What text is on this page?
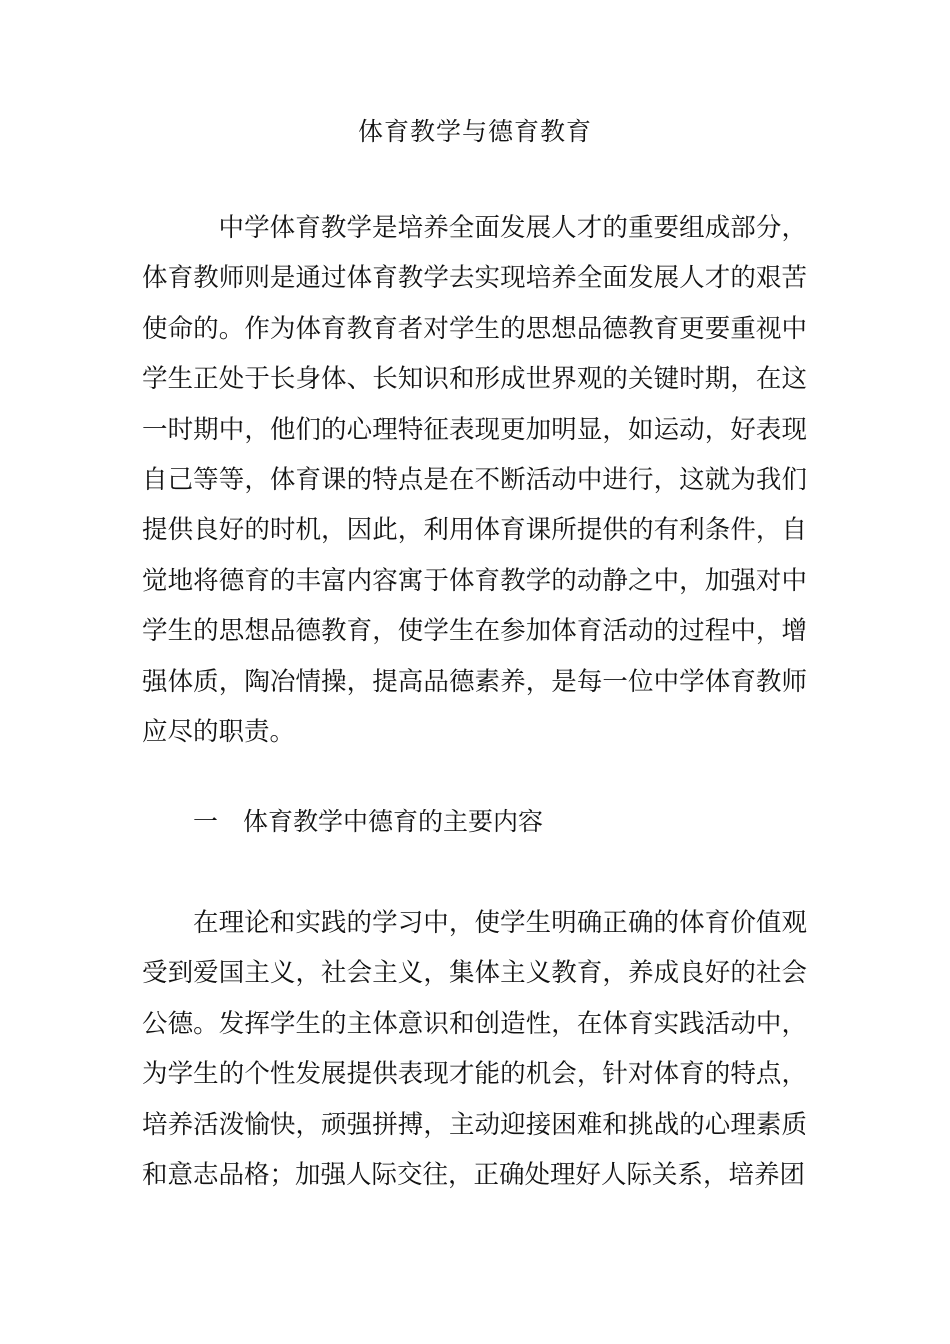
体育教学与德育教育

中学体育教学是培养全面发展人才的重要组成部分，体育教师则是通过体育教学去实现培养全面发展人才的艰苦使命的。作为体育教育者对学生的思想品德教育更要重视中学生正处于长身体、长知识和形成世界观的关键时期，在这一时期中，他们的心理特征表现更加明显，如运动，好表现自己等等，体育课的特点是在不断活动中进行，这就为我们提供良好的时机，因此，利用体育课所提供的有利条件，自觉地将德育的丰富内容寓于体育教学的动静之中，加强对中学生的思想品德教育，使学生在参加体育活动的过程中，增强体质，陶冶情操，提高品德素养，是每一位中学体育教师应尽的职责。

一 体育教学中德育的主要内容

在理论和实践的学习中，使学生明确正确的体育价值观受到爱国主义，社会主义，集体主义教育，养成良好的社会公德。发挥学生的主体意识和创造性，在体育实践活动中，为学生的个性发展提供表现才能的机会，针对体育的特点，培养活泼愉快，顽强拼搏，主动迎接困难和挑战的心理素质和意志品格；加强人际交往，正确处理好人际关系，培养团
